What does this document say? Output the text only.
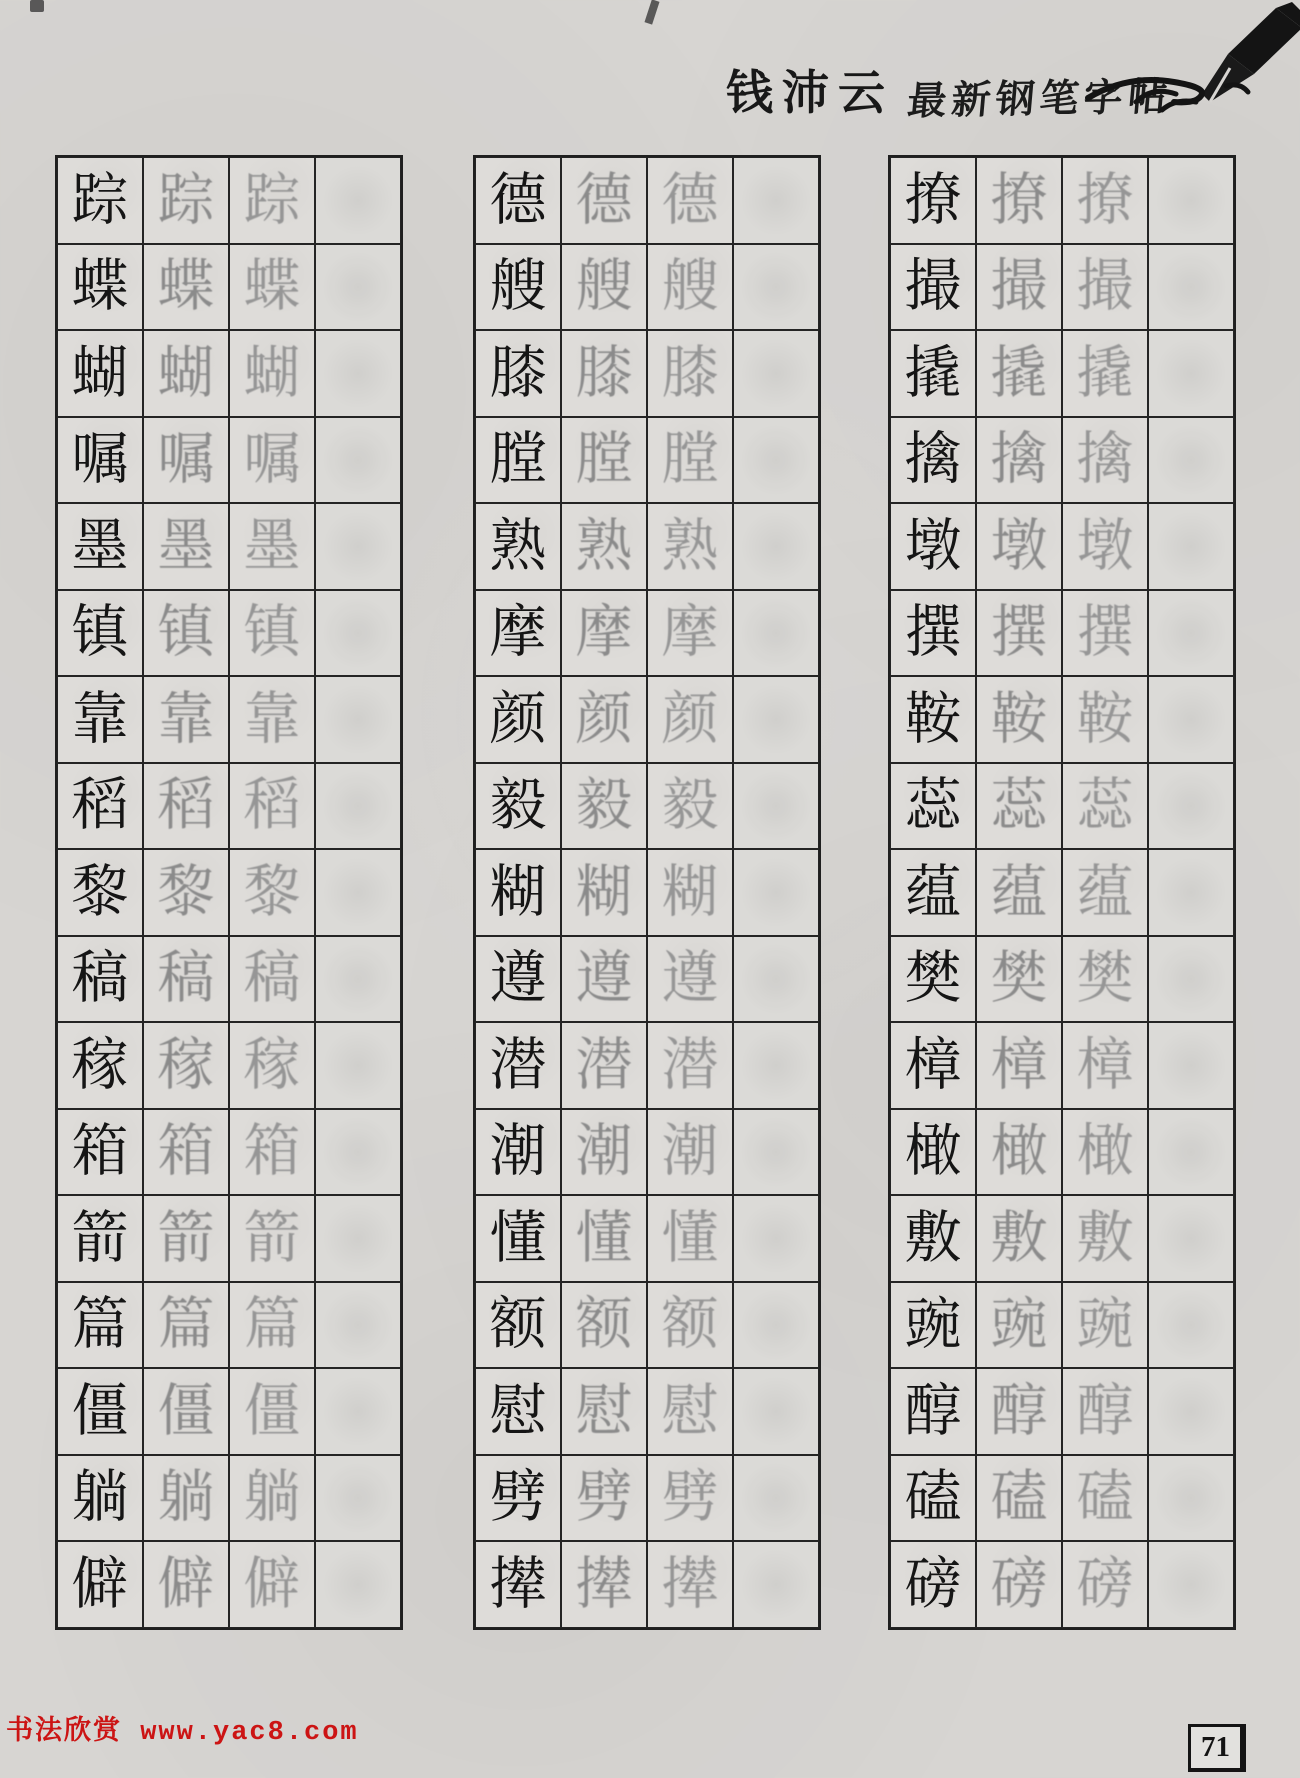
钱沛云 最新钢笔字帖
踪 踪 踪
蝶 蝶 蝶
蝴 蝴 蝴
嘱 嘱 嘱
墨 墨 墨
镇 镇 镇
靠 靠 靠
稻 稻 稻
黎 黎 黎
稿 稿 稿
稼 稼 稼
箱 箱 箱
箭 箭 箭
篇 篇 篇
僵 僵 僵
躺 躺 躺
僻 僻 僻
德 德 德
艘 艘 艘
膝 膝 膝
膛 膛 膛
熟 熟 熟
摩 摩 摩
颜 颜 颜
毅 毅 毅
糊 糊 糊
遵 遵 遵
潜 潜 潜
潮 潮 潮
懂 懂 懂
额 额 额
慰 慰 慰
劈 劈 劈
撵 撵 撵
撩 撩 撩
撮 撮 撮
撬 撬 撬
擒 擒 擒
墩 墩 墩
撰 撰 撰
鞍 鞍 鞍
蕊 蕊 蕊
蕴 蕴 蕴
樊 樊 樊
樟 樟 樟
橄 橄 橄
敷 敷 敷
豌 豌 豌
醇 醇 醇
磕 磕 磕
磅 磅 磅
书法欣赏 www.yac8.com	71
